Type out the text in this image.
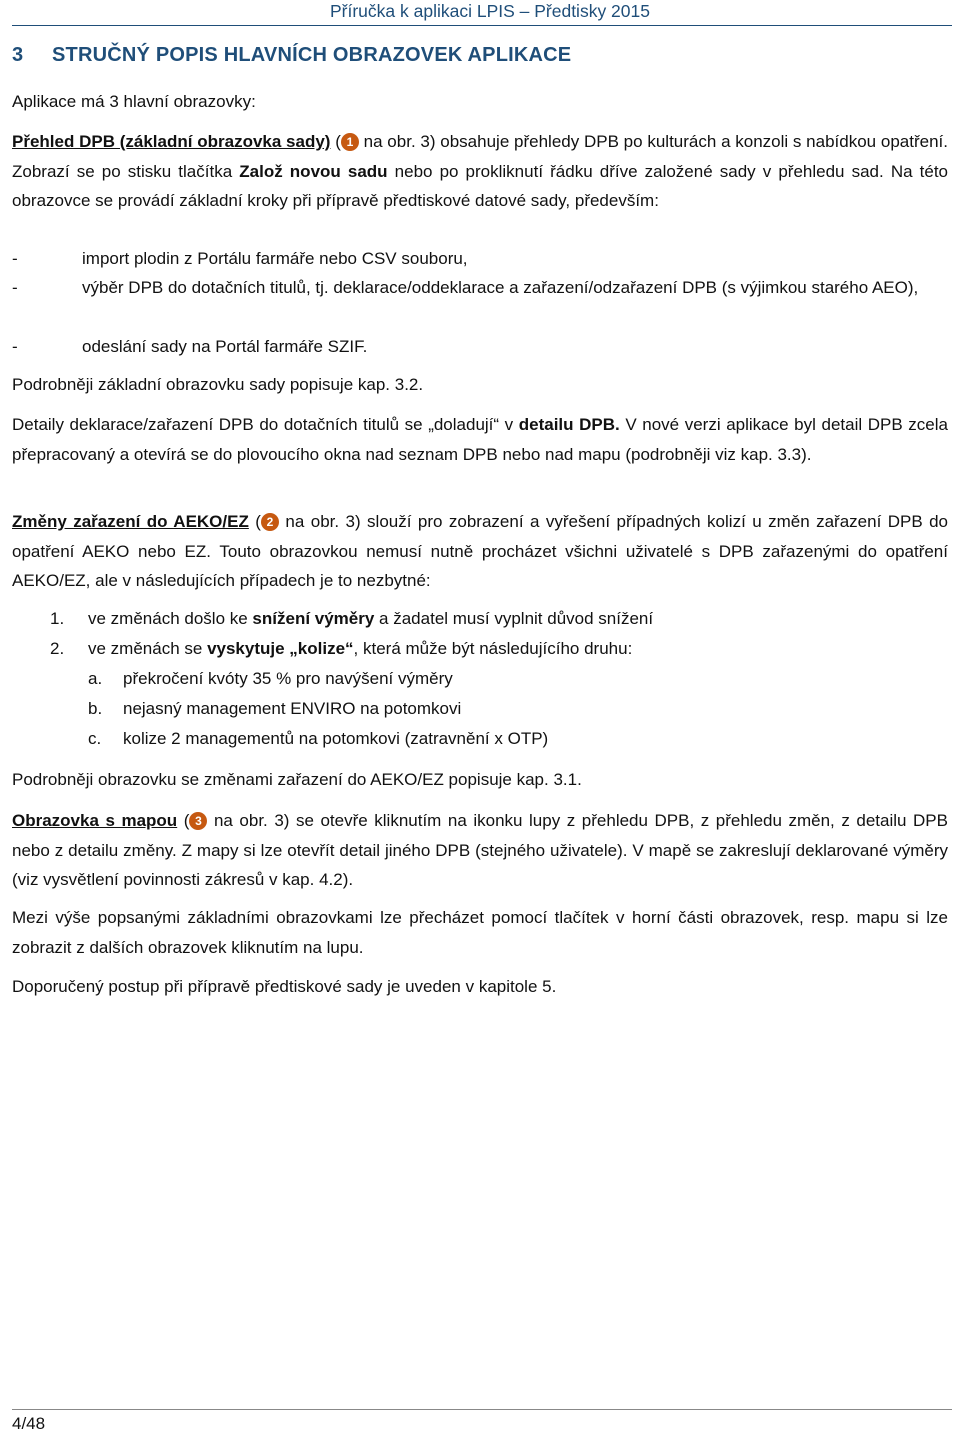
Příručka k aplikaci LPIS – Předtisky 2015
3 STRUČNÝ POPIS HLAVNÍCH OBRAZOVEK APLIKACE

Aplikace má 3 hlavní obrazovky:

Přehled DPB (základní obrazovka sady) ( 1 na obr. 3) obsahuje přehledy DPB po kulturách a konzoli s nabídkou opatření. Zobrazí se po stisku tlačítka Založ novou sadu nebo po prokliknutí řádku dříve založené sady v přehledu sad. Na této obrazovce se provádí základní kroky při přípravě předtiskové datové sady, především:

-	import plodin z Portálu farmáře nebo CSV souboru,
-	výběr DPB do dotačních titulů, tj. deklarace/oddeklarace a zařazení/odzařazení DPB (s výjimkou starého AEO),
-	odeslání sady na Portál farmáře SZIF.

Podrobněji základní obrazovku sady popisuje kap. 3.2.

Detaily deklarace/zařazení DPB do dotačních titulů se „doladují“ v detailu DPB. V nové verzi aplikace byl detail DPB zcela přepracovaný a otevírá se do plovoucího okna nad seznam DPB nebo nad mapu (podrobněji viz kap. 3.3).

Změny zařazení do AEKO/EZ ( 2 na obr. 3) slouží pro zobrazení a vyřešení případných kolizí u změn zařazení DPB do opatření AEKO nebo EZ. Touto obrazovkou nemusí nutně procházet všichni uživatelé s DPB zařazenými do opatření AEKO/EZ, ale v následujících případech je to nezbytné:

1. ve změnách došlo ke snížení výměry a žadatel musí vyplnit důvod snížení
2. ve změnách se vyskytuje „kolize“, která může být následujícího druhu:
a. překročení kvóty 35 % pro navýšení výměry
b. nejasný management ENVIRO na potomkovi
c. kolize 2 managementů na potomkovi (zatravnění x OTP)

Podrobněji obrazovku se změnami zařazení do AEKO/EZ popisuje kap. 3.1.

Obrazovka s mapou ( 3 na obr. 3) se otevře kliknutím na ikonku lupy z přehledu DPB, z přehledu změn, z detailu DPB nebo z detailu změny. Z mapy si lze otevřít detail jiného DPB (stejného uživatele). V mapě se zakreslují deklarované výměry (viz vysvětlení povinnosti zákresů v kap. 4.2).

Mezi výše popsanými základními obrazovkami lze přecházet pomocí tlačítek v horní části obrazovek, resp. mapu si lze zobrazit z dalších obrazovek kliknutím na lupu.

Doporučený postup při přípravě předtiskové sady je uveden v kapitole 5.

4/48
